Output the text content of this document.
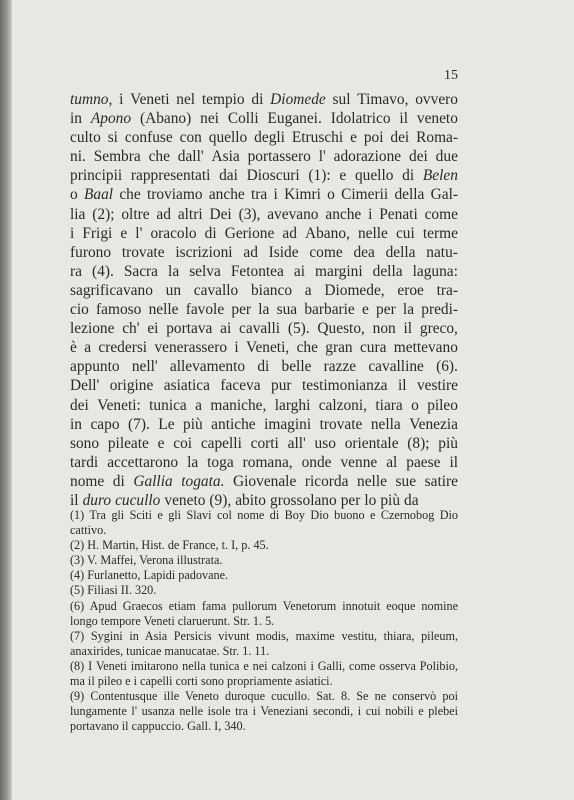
15
tumno, i Veneti nel tempio di Diomede sul Timavo, ovvero
in Apono (Abano) nei Colli Euganei. Idolatrico il veneto
culto si confuse con quello degli Etruschi e poi dei Roma-
ni. Sembra che dall' Asia portassero l' adorazione dei due
principii rappresentati dai Dioscuri (1): e quello di Belen
o Baal che troviamo anche tra i Kimri o Cimerii della Gal-
lia (2); oltre ad altri Dei (3), avevano anche i Penati come
i Frigi e l' oracolo di Gerione ad Abano, nelle cui terme
furono trovate iscrizioni ad Iside come dea della natu-
ra (4). Sacra la selva Fetontea ai margini della laguna:
sagrificavano un cavallo bianco a Diomede, eroe tra-
cio famoso nelle favole per la sua barbarie e per la predi-
lezione ch' ei portava ai cavalli (5). Questo, non il greco,
è a credersi venerassero i Veneti, che gran cura mettevano
appunto nell' allevamento di belle razze cavalline (6).
Dell' origine asiatica faceva pur testimonianza il vestire
dei Veneti: tunica a maniche, larghi calzoni, tiara o pileo
in capo (7). Le più antiche imagini trovate nella Venezia
sono pileate e coi capelli corti all' uso orientale (8); più
tardi accettarono la toga romana, onde venne al paese il
nome di Gallia togata. Giovenale ricorda nelle sue satire
il duro cucullo veneto (9), abito grossolano per lo più da
(1) Tra gli Sciti e gli Slavi col nome di Boy Dio buono e Czernobog Dio cattivo.
(2) H. Martin, Hist. de France, t. I, p. 45.
(3) V. Maffei, Verona illustrata.
(4) Furlanetto, Lapidi padovane.
(5) Filiasi II. 320.
(6) Apud Graecos etiam fama pullorum Venetorum innotuit eoque nomine longo tempore Veneti claruerunt. Str. 1. 5.
(7) Sygini in Asia Persicis vivunt modis, maxime vestitu, thiara, pileum, anaxirides, tunicae manucatae. Str. 1. 11.
(8) I Veneti imitarono nella tunica e nei calzoni i Galli, come osserva Polibio, ma il pileo e i capelli corti sono propriamente asiatici.
(9) Contentusque ille Veneto duroque cucullo. Sat. 8. Se ne conservò poi lungamente l' usanza nelle isole tra i Veneziani secondi, i cui nobili e plebei portavano il cappuccio. Gall. I, 340.
